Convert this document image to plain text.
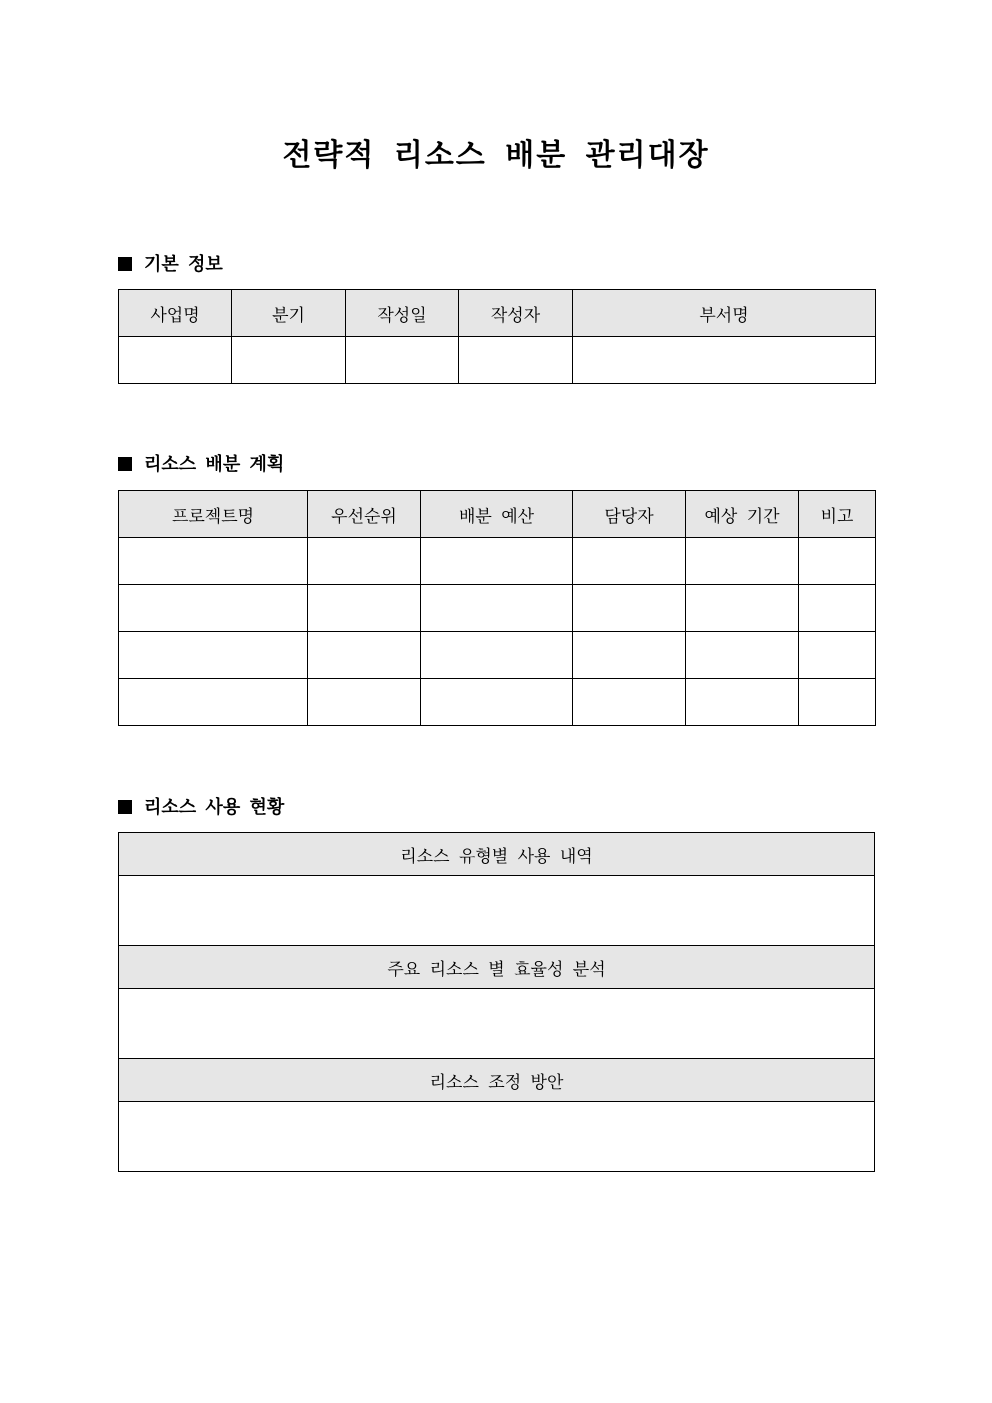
전략적 리소스 배분 관리대장
기본 정보
사업명	분기	작성일	작성자	부서명

리소스 배분 계획
프로젝트명	우선순위	배분 예산	담당자	예상 기간	비고

리소스 사용 현황
리소스 유형별 사용 내역

주요 리소스 별 효율성 분석

리소스 조정 방안
